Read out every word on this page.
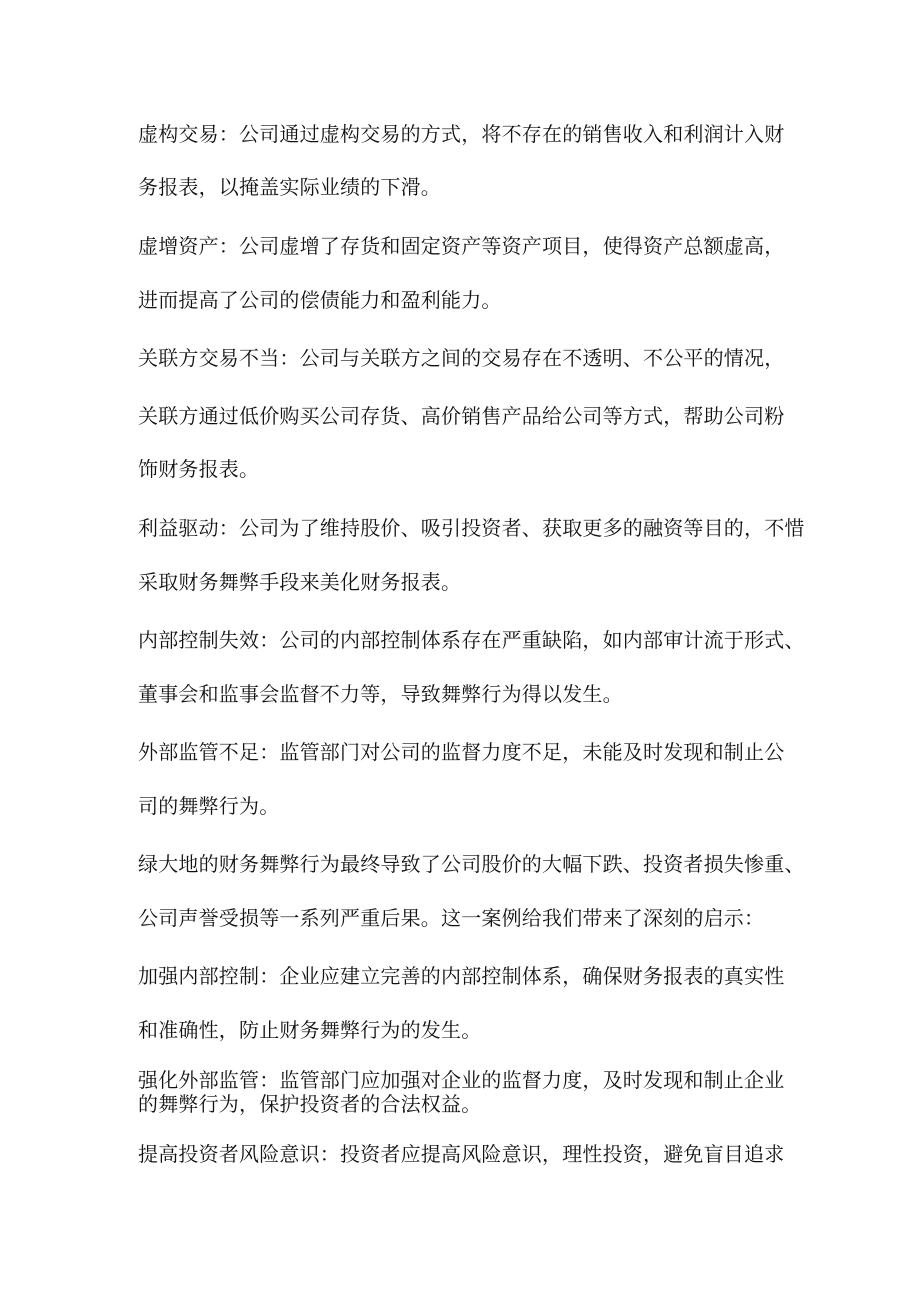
虚构交易：公司通过虚构交易的方式，将不存在的销售收入和利润计入财
务报表，以掩盖实际业绩的下滑。
虚增资产：公司虚增了存货和固定资产等资产项目，使得资产总额虚高，
进而提高了公司的偿债能力和盈利能力。
关联方交易不当：公司与关联方之间的交易存在不透明、不公平的情况，
关联方通过低价购买公司存货、高价销售产品给公司等方式，帮助公司粉
饰财务报表。
利益驱动：公司为了维持股价、吸引投资者、获取更多的融资等目的，不惜
采取财务舞弊手段来美化财务报表。
内部控制失效：公司的内部控制体系存在严重缺陷，如内部审计流于形式、
董事会和监事会监督不力等，导致舞弊行为得以发生。
外部监管不足：监管部门对公司的监督力度不足，未能及时发现和制止公
司的舞弊行为。
绿大地的财务舞弊行为最终导致了公司股价的大幅下跌、投资者损失惨重、
公司声誉受损等一系列严重后果。这一案例给我们带来了深刻的启示：
加强内部控制：企业应建立完善的内部控制体系，确保财务报表的真实性
和准确性，防止财务舞弊行为的发生。
强化外部监管：监管部门应加强对企业的监督力度，及时发现和制止企业
的舞弊行为，保护投资者的合法权益。
提高投资者风险意识：投资者应提高风险意识，理性投资，避免盲目追求
